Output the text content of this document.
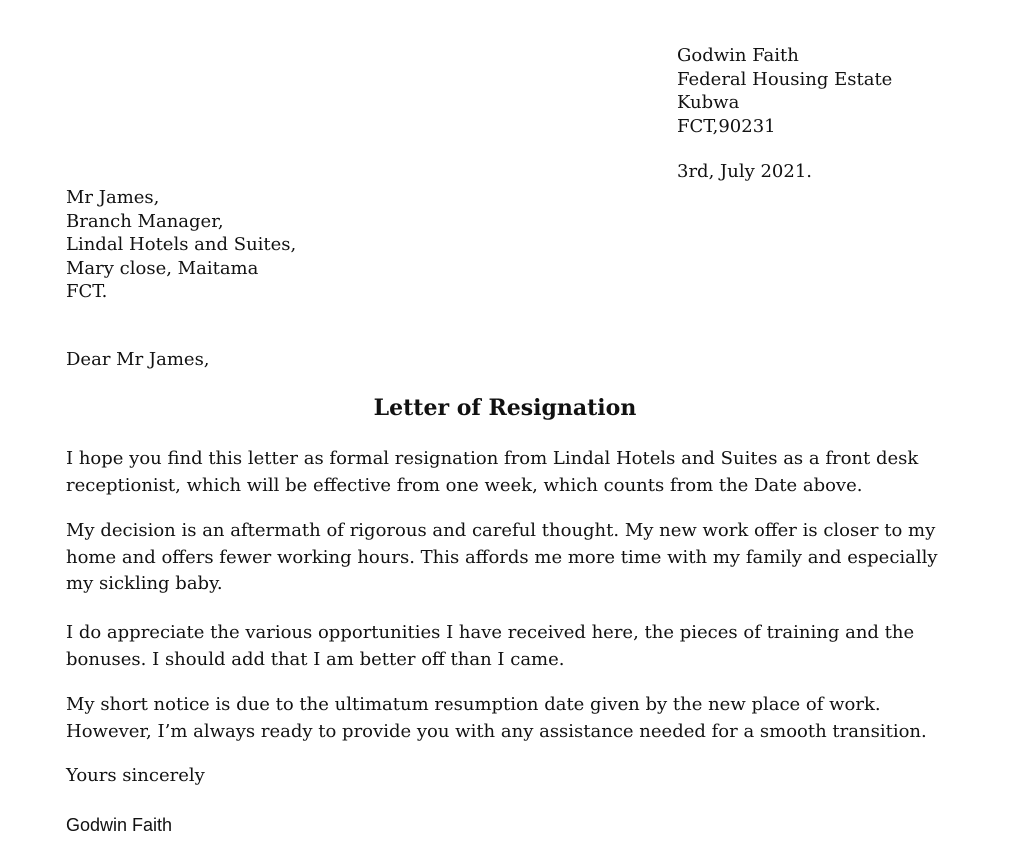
Godwin Faith
Federal Housing Estate
Kubwa
FCT,90231
3rd, July 2021.
Mr James,
Branch Manager,
Lindal Hotels and Suites,
Mary close, Maitama
FCT.
Dear Mr James,
Letter of Resignation
I hope you find this letter as formal resignation from Lindal Hotels and Suites as a front desk
receptionist, which will be effective from one week, which counts from the Date above.
My decision is an aftermath of rigorous and careful thought. My new work offer is closer to my
home and offers fewer working hours. This affords me more time with my family and especially
my sickling baby.
I do appreciate the various opportunities I have received here, the pieces of training and the
bonuses. I should add that I am better off than I came.
My short notice is due to the ultimatum resumption date given by the new place of work.
However, I’m always ready to provide you with any assistance needed for a smooth transition.
Yours sincerely
Godwin Faith
